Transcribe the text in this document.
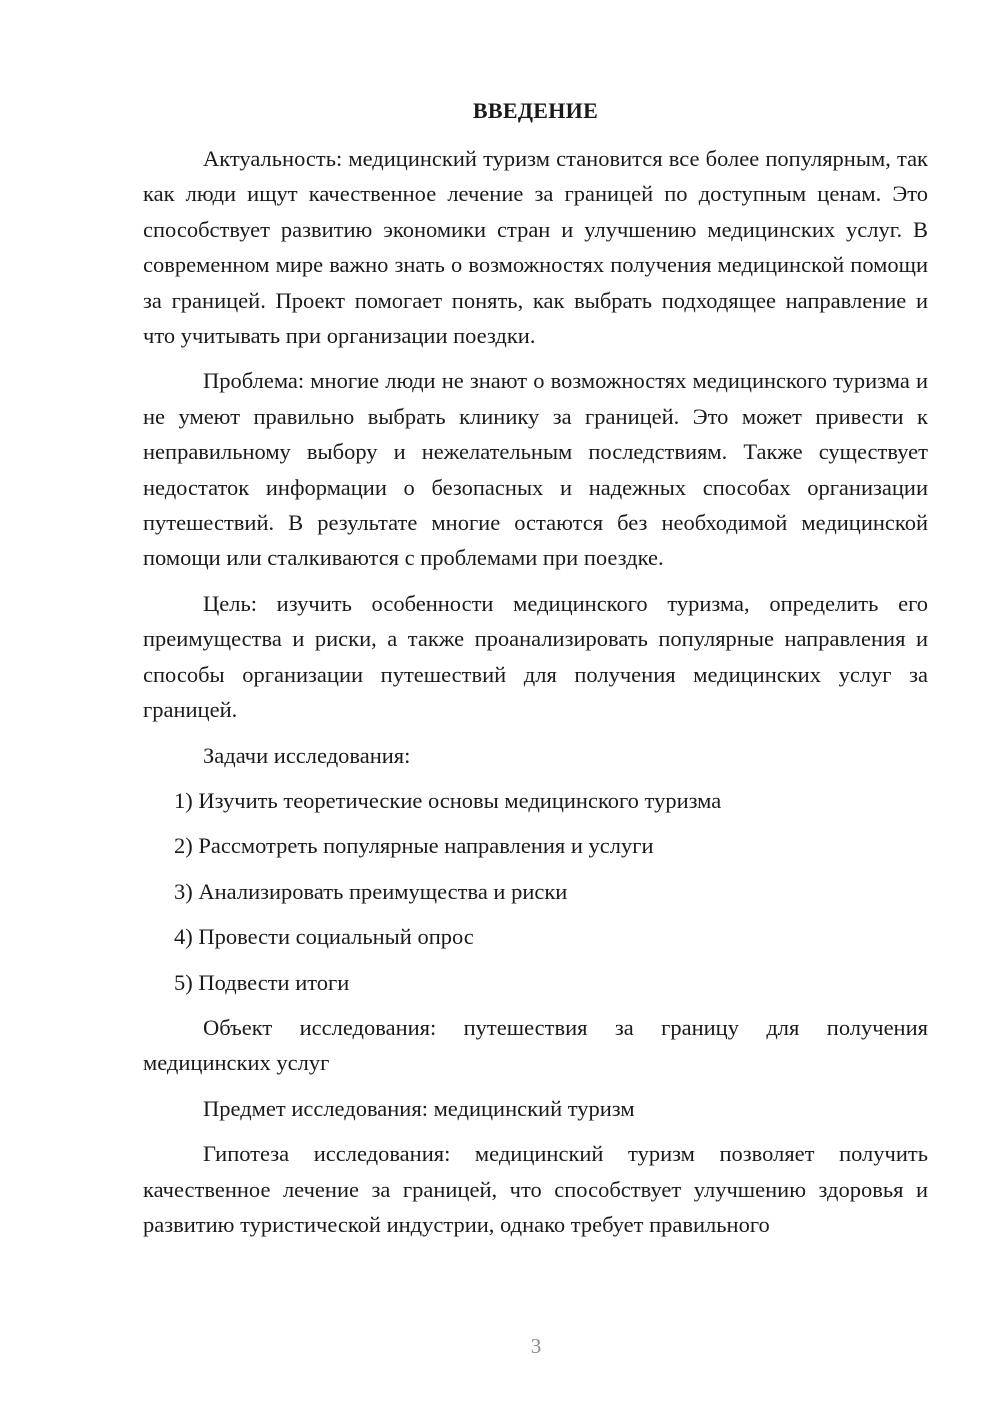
ВВЕДЕНИЕ

Актуальность: медицинский туризм становится все более популярным, так как люди ищут качественное лечение за границей по доступным ценам. Это способствует развитию экономики стран и улучшению медицинских услуг. В современном мире важно знать о возможностях получения медицинской помощи за границей. Проект помогает понять, как выбрать подходящее направление и что учитывать при организации поездки.

Проблема: многие люди не знают о возможностях медицинского туризма и не умеют правильно выбрать клинику за границей. Это может привести к неправильному выбору и нежелательным последствиям. Также существует недостаток информации о безопасных и надежных способах организации путешествий. В результате многие остаются без необходимой медицинской помощи или сталкиваются с проблемами при поездке.

Цель: изучить особенности медицинского туризма, определить его преимущества и риски, а также проанализировать популярные направления и способы организации путешествий для получения медицинских услуг за границей.

Задачи исследования:

1) Изучить теоретические основы медицинского туризма

2) Рассмотреть популярные направления и услуги

3) Анализировать преимущества и риски

4) Провести социальный опрос

5) Подвести итоги

Объект исследования: путешествия за границу для получения медицинских услуг

Предмет исследования: медицинский туризм

Гипотеза исследования: медицинский туризм позволяет получить качественное лечение за границей, что способствует улучшению здоровья и развитию туристической индустрии, однако требует правильного

3
